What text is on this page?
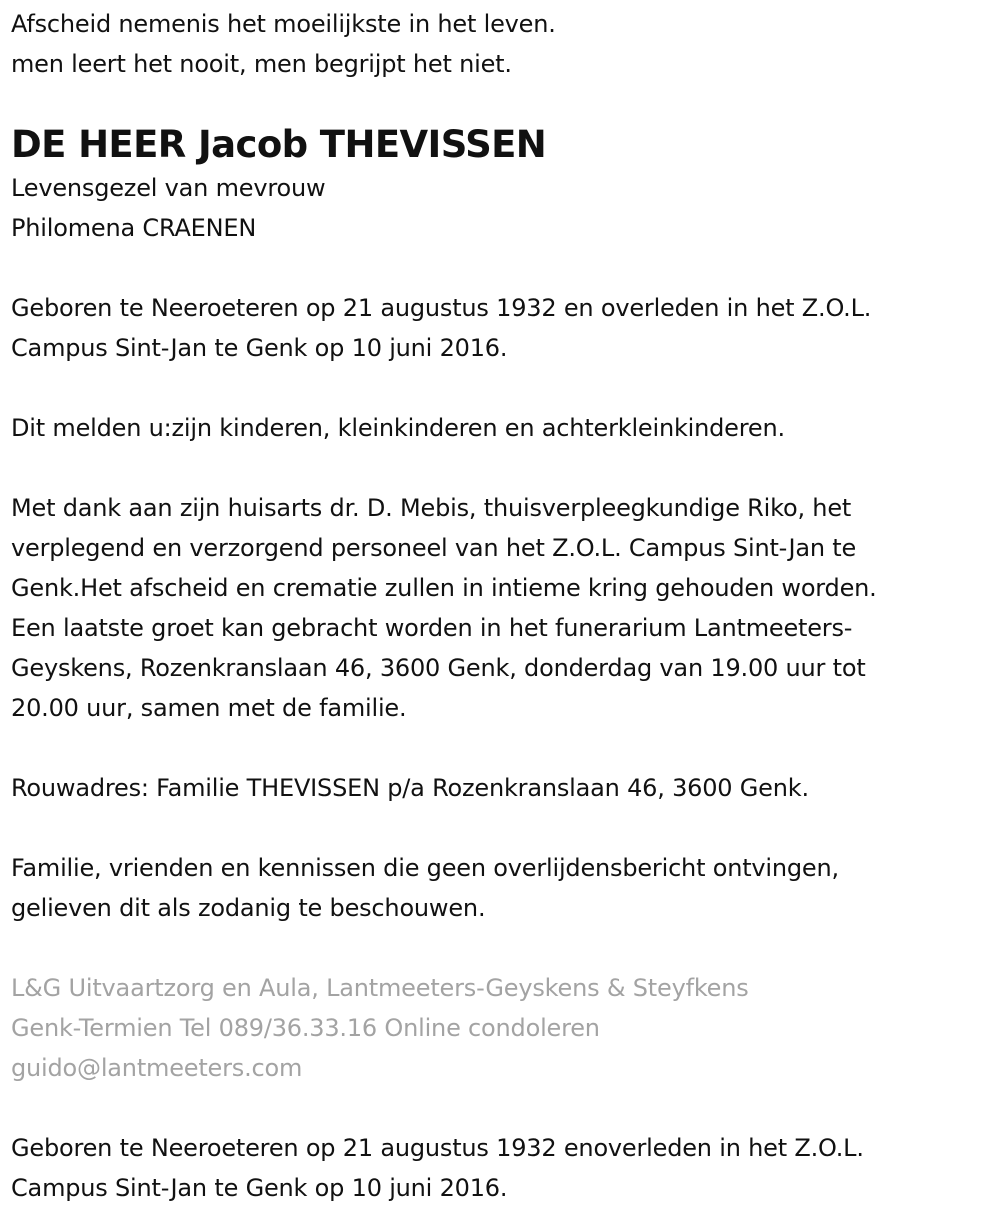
Afscheid nemenis het moeilijkste in het leven.
men leert het nooit, men begrijpt het niet.
DE HEER Jacob THEVISSEN
Levensgezel van mevrouw
Philomena CRAENEN
Geboren te Neeroeteren op 21 augustus 1932 en overleden in het Z.O.L.
Campus Sint-Jan te Genk op 10 juni 2016.
Dit melden u:zijn kinderen, kleinkinderen en achterkleinkinderen.
Met dank aan zijn huisarts dr. D. Mebis, thuisverpleegkundige Riko, het
verplegend en verzorgend personeel van het Z.O.L. Campus Sint-Jan te
Genk.Het afscheid en crematie zullen in intieme kring gehouden worden.
Een laatste groet kan gebracht worden in het funerarium Lantmeeters-
Geyskens, Rozenkranslaan 46, 3600 Genk, donderdag van 19.00 uur tot
20.00 uur, samen met de familie.
Rouwadres: Familie THEVISSEN p/a Rozenkranslaan 46, 3600 Genk.
Familie, vrienden en kennissen die geen overlijdensbericht ontvingen,
gelieven dit als zodanig te beschouwen.
L&G Uitvaartzorg en Aula, Lantmeeters-Geyskens & Steyfkens
Genk-Termien Tel 089/36.33.16 Online condoleren
guido@lantmeeters.com
Geboren te Neeroeteren op 21 augustus 1932 enoverleden in het Z.O.L.
Campus Sint-Jan te Genk op 10 juni 2016.
